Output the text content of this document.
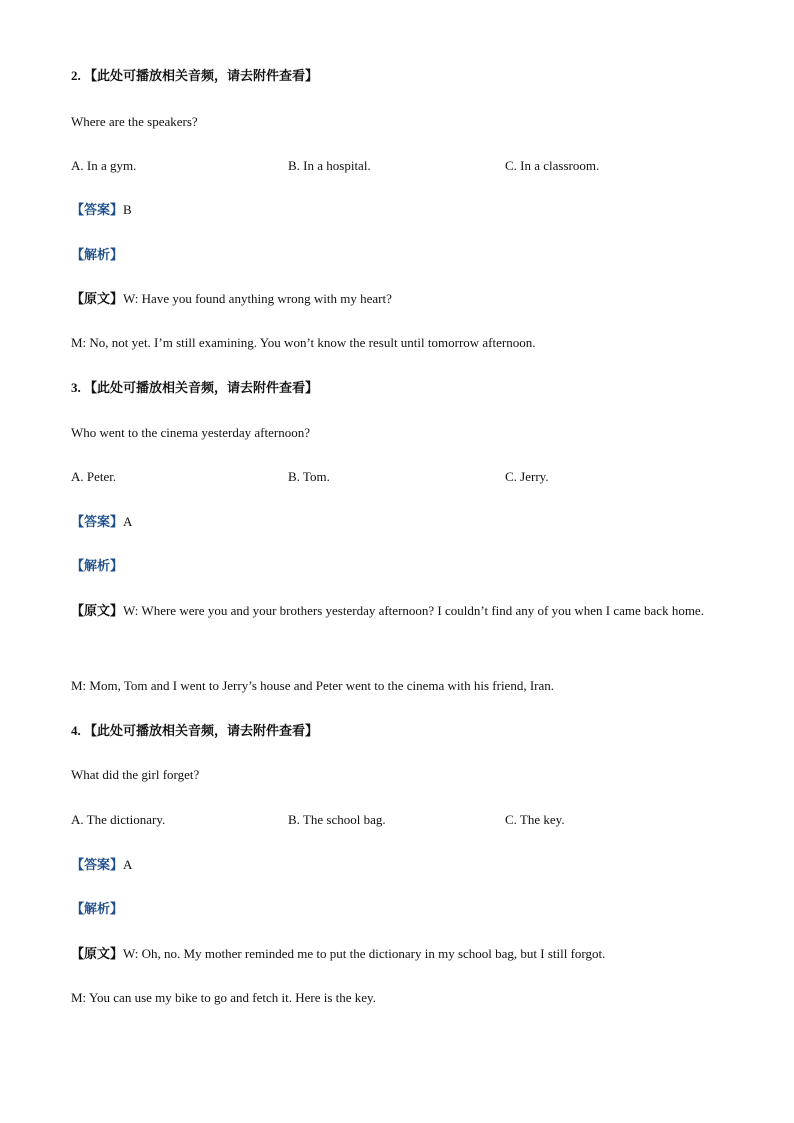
2. 【此处可播放相关音频，请去附件查看】
Where are the speakers?
A. In a gym.	B. In a hospital.	C. In a classroom.
【答案】B
【解析】
【原文】W: Have you found anything wrong with my heart?
M: No, not yet. I’m still examining. You won’t know the result until tomorrow afternoon.
3. 【此处可播放相关音频，请去附件查看】
Who went to the cinema yesterday afternoon?
A. Peter.	B. Tom.	C. Jerry.
【答案】A
【解析】
【原文】W: Where were you and your brothers yesterday afternoon? I couldn’t find any of you when I came back home.
M: Mom, Tom and I went to Jerry’s house and Peter went to the cinema with his friend, Iran.
4. 【此处可播放相关音频，请去附件查看】
What did the girl forget?
A. The dictionary.	B. The school bag.	C. The key.
【答案】A
【解析】
【原文】W: Oh, no. My mother reminded me to put the dictionary in my school bag, but I still forgot.
M: You can use my bike to go and fetch it. Here is the key.
